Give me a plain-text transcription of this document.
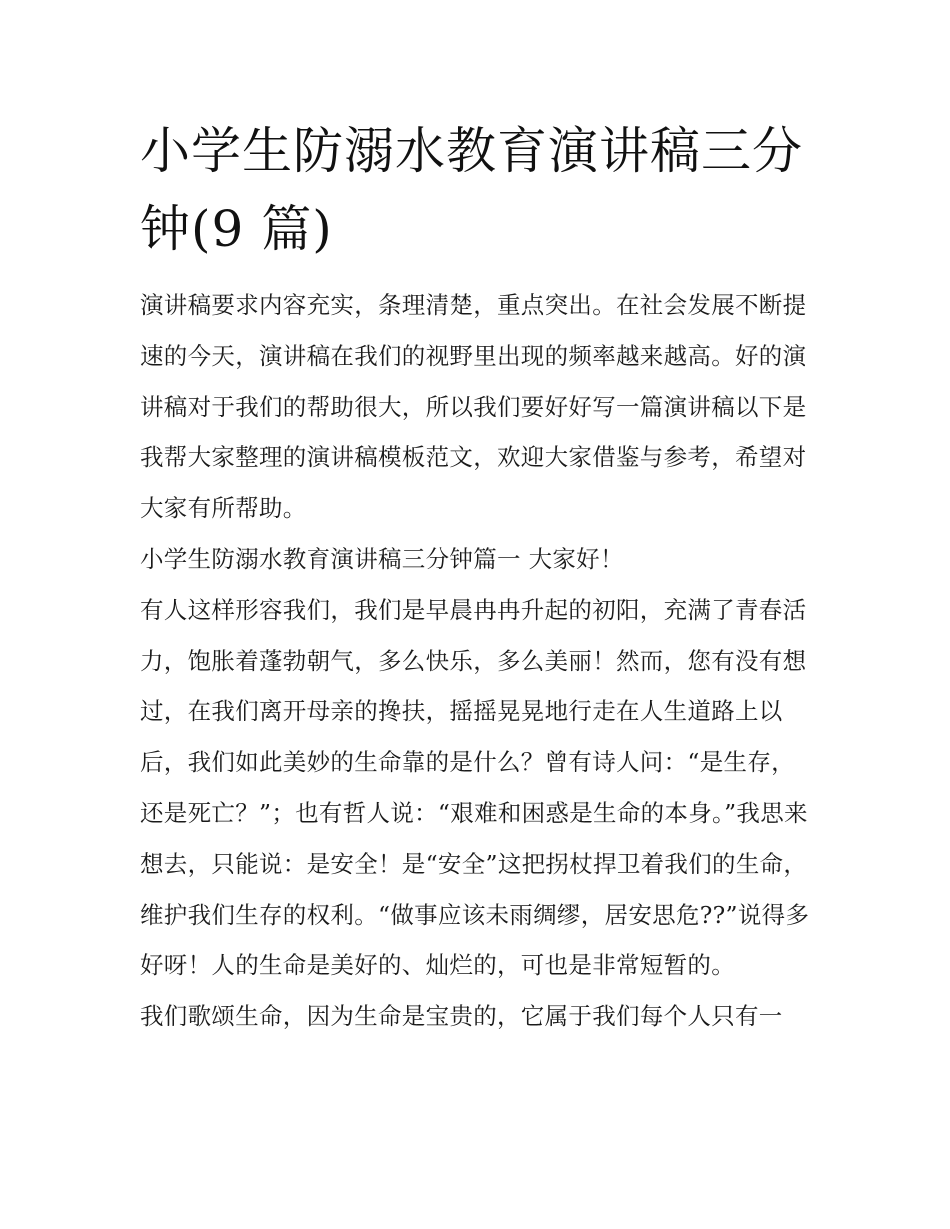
小学生防溺水教育演讲稿三分
钟(9 篇)

演讲稿要求内容充实，条理清楚，重点突出。在社会发展不断提速的今天，演讲稿在我们的视野里出现的频率越来越高。好的演讲稿对于我们的帮助很大，所以我们要好好写一篇演讲稿以下是我帮大家整理的演讲稿模板范文，欢迎大家借鉴与参考，希望对大家有所帮助。

小学生防溺水教育演讲稿三分钟篇一 大家好！

有人这样形容我们，我们是早晨冉冉升起的初阳，充满了青春活力，饱胀着蓬勃朝气，多么快乐，多么美丽！然而，您有没有想过，在我们离开母亲的搀扶，摇摇晃晃地行走在人生道路上以后，我们如此美妙的生命靠的是什么？曾有诗人问：“是生存，还是死亡？”；也有哲人说：“艰难和困惑是生命的本身。”我思来想去，只能说：是安全！是“安全”这把拐杖捍卫着我们的生命，维护我们生存的权利。“做事应该未雨绸缪，居安思危??”说得多好呀！人的生命是美好的、灿烂的，可也是非常短暂的。

我们歌颂生命，因为生命是宝贵的，它属于我们每个人只有一
